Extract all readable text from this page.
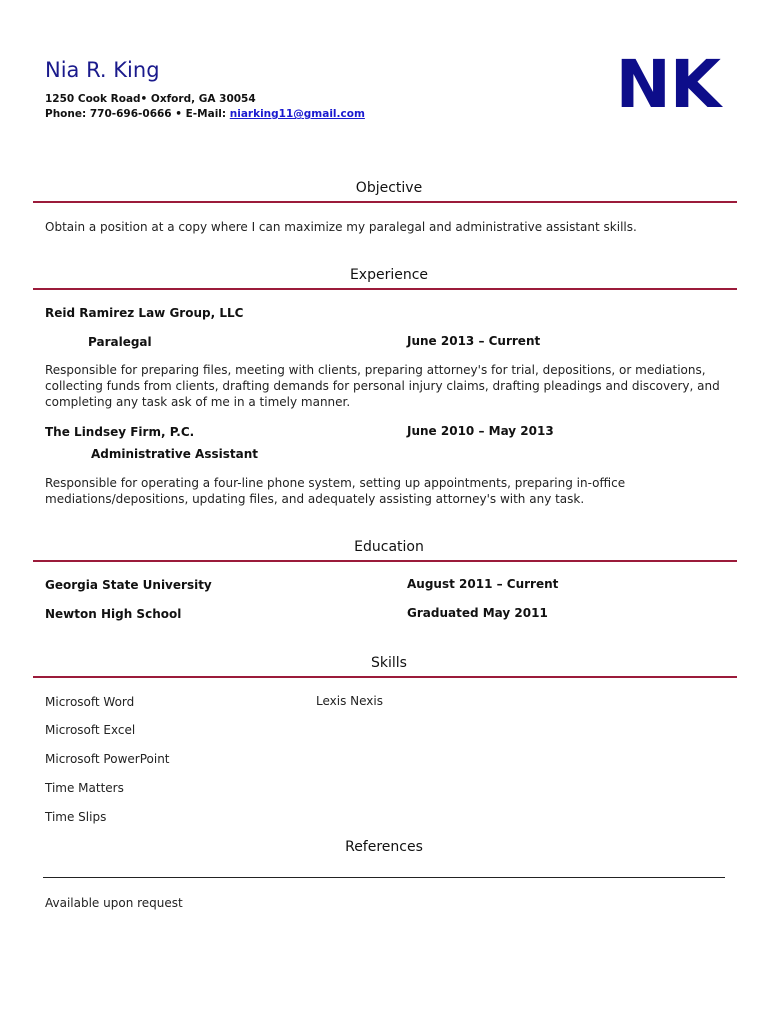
Nia R. King	NK
1250 Cook Road• Oxford, GA 30054
Phone: 770-696-0666 • E-Mail: niarking11@gmail.com
Objective
Obtain a position at a copy where I can maximize my paralegal and administrative assistant skills.
Experience
Reid Ramirez Law Group, LLC
Paralegal	June 2013 – Current
Responsible for preparing files, meeting with clients, preparing attorney's for trial, depositions, or mediations, collecting funds from clients, drafting demands for personal injury claims, drafting pleadings and discovery, and completing any task ask of me in a timely manner.
The Lindsey Firm, P.C.	June 2010 – May 2013
Administrative Assistant
Responsible for operating a four-line phone system, setting up appointments, preparing in-office mediations/depositions, updating files, and adequately assisting attorney's with any task.
Education
Georgia State University	August 2011 – Current
Newton High School	Graduated May 2011
Skills
Microsoft Word	Lexis Nexis
Microsoft Excel
Microsoft PowerPoint
Time Matters
Time Slips
References
Available upon request
